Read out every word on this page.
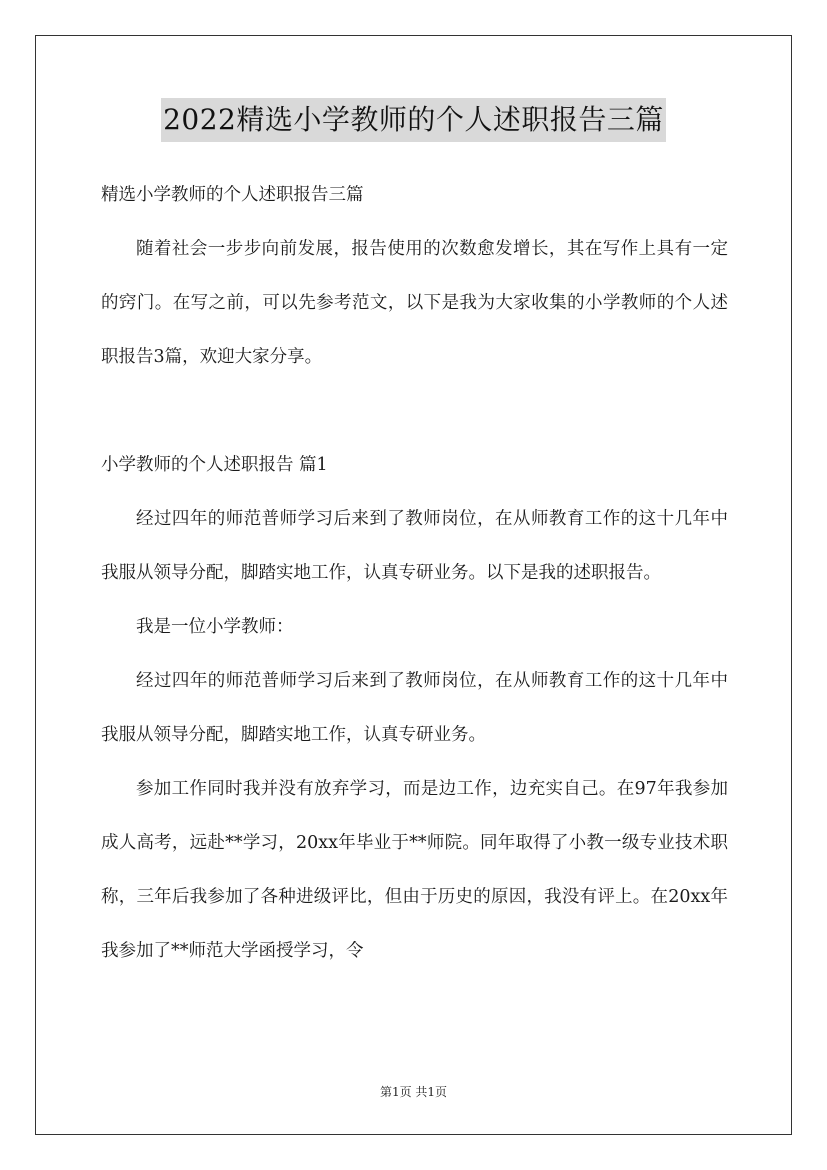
2022精选小学教师的个人述职报告三篇

精选小学教师的个人述职报告三篇

随着社会一步步向前发展，报告使用的次数愈发增长，其在写作上具有一定的窍门。在写之前，可以先参考范文，以下是我为大家收集的小学教师的个人述职报告3篇，欢迎大家分享。

小学教师的个人述职报告 篇1

经过四年的师范普师学习后来到了教师岗位，在从师教育工作的这十几年中我服从领导分配，脚踏实地工作，认真专研业务。以下是我的述职报告。

我是一位小学教师：

经过四年的师范普师学习后来到了教师岗位，在从师教育工作的这十几年中我服从领导分配，脚踏实地工作，认真专研业务。

参加工作同时我并没有放弃学习，而是边工作，边充实自己。在97年我参加成人高考，远赴**学习，20xx年毕业于**师院。同年取得了小教一级专业技术职称，三年后我参加了各种进级评比，但由于历史的原因，我没有评上。在20xx年我参加了**师范大学函授学习，令

第1页 共1页
